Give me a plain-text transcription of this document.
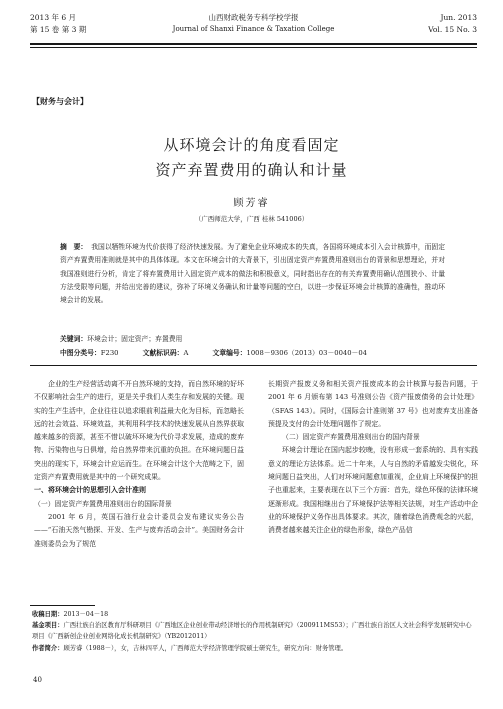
2013 年 6 月
第 15 卷 第 3 期
山西财政税务专科学校学报
Journal of Shanxi Finance & Taxation College
Jun. 2013
Vol. 15 No. 3
【财务与会计】
从环境会计的角度看固定
资产弃置费用的确认和计量
顾芳睿
（广西师范大学，广西 桂林 541006）
摘　要： 我国以牺牲环境为代价获得了经济快速发展。为了避免企业环境成本的失真，各国将环境成本引入会计核算中，而固定资产弃置费用准则就是其中的具体体现。本文在环境会计的大背景下，引出固定资产弃置费用准则出台的背景和思想理论，并对我国准则进行分析，肯定了将弃置费用计入固定资产成本的做法和积极意义，同时指出存在的有关弃置费用确认范围狭小、计量方法受限等问题，并给出完善的建议，弥补了环境义务确认和计量等问题的空白，以进一步保证环境会计核算的准确性，推动环境会计的发展。
关键词：环境会计；固定资产；弃置费用
中图分类号：F230	文献标识码：A	文章编号：1008－9306（2013）03－0040－04

企业的生产经营活动离不开自然环境的支持，而自然环境的好坏不仅影响社会生产的进行，更是关乎我们人类生存和发展的关键。现实的生产生活中，企业往往以追求眼前利益最大化为目标，而忽略长远的社会效益、环境效益，其利用科学技术的快速发展从自然界获取越来越多的资源，甚至不惜以破坏环境为代价寻求发展，造成的废弃物、污染物也与日俱增，给自然界带来沉重的负担。在环境问题日益突出的现实下，环境会计应运而生。在环境会计这个大范畴之下，固定资产弃置费用就是其中的一个研究成果。

一、将环境会计的思想引入会计准则
（一）固定资产弃置费用准则出台的国际背景

2001 年 6 月，英国石油行业会计委员会发布建议实务公告——“石油天然气勘探、开发、生产与废弃活动会计”。美国财务会计准则委员会为了规范

长期资产报废义务和相关资产报废成本的会计核算与报告问题，于 2001 年 6 月颁布第 143 号准则公告《资产报废债务的会计处理》（SFAS 143）。同时，《国际会计准则第 37 号》也对废弃支出准备预提及支付的会计处理问题作了规定。

（二）固定资产弃置费用准则出台的国内背景

环境会计理论在国内起步较晚，没有形成一套系统的、具有实践意义的理论方法体系。近二十年来，人与自然的矛盾越发尖锐化，环境问题日益突出，人们对环境问题愈加重视，企业肩上环境保护的担子也重起来，主要表现在以下三个方面：首先，绿色环保的法律环境逐渐形成。我国相继出台了环境保护法等相关法规，对生产活动中企业的环境保护义务作出具体要求。其次，随着绿色消费观念的兴起，消费者越来越关注企业的绿色形象，绿色产品信

收稿日期：2013－04－18
基金项目：广西壮族自治区教育厅科研项目《广西地区企业创业带动经济增长的作用机制研究》（200911MS53）；广西壮族自治区人文社会科学发展研究中心项目《广西新创企业创业网络化成长机制研究》（YB2012011）
作者简介：顾芳睿（1988－），女，吉林四平人，广西师范大学经济管理学院硕士研究生，研究方向：财务管理。
40
